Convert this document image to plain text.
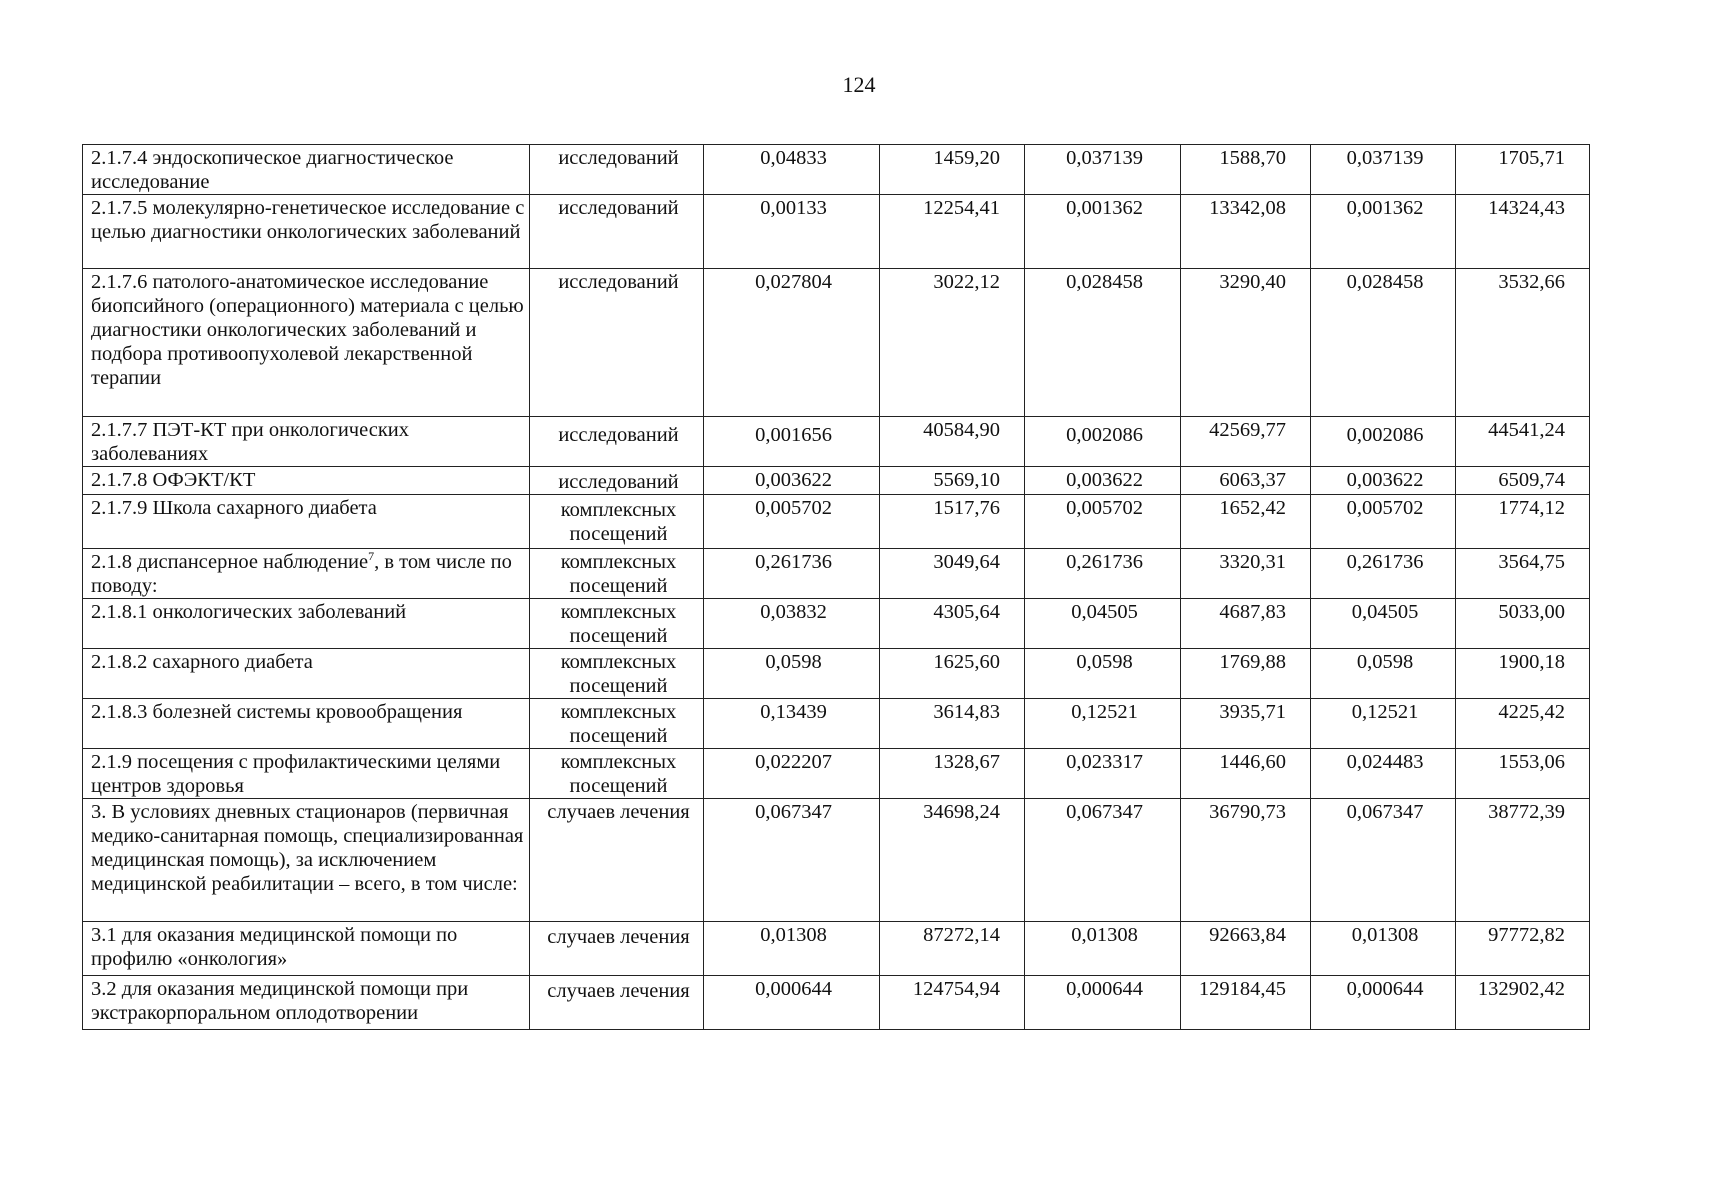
124
2.1.7.4 эндоскопическое диагностическое исследование	исследований	0,04833	1459,20	0,037139	1588,70	0,037139	1705,71
2.1.7.5 молекулярно-генетическое исследование с целью диагностики онкологических заболеваний	исследований	0,00133	12254,41	0,001362	13342,08	0,001362	14324,43
2.1.7.6 патолого-анатомическое исследование биопсийного (операционного) материала с целью диагностики онкологических заболеваний и подбора противоопухолевой лекарственной терапии	исследований	0,027804	3022,12	0,028458	3290,40	0,028458	3532,66
2.1.7.7 ПЭТ-КТ при онкологических заболеваниях	исследований	0,001656	40584,90	0,002086	42569,77	0,002086	44541,24
2.1.7.8 ОФЭКТ/КТ	исследований	0,003622	5569,10	0,003622	6063,37	0,003622	6509,74
2.1.7.9 Школа сахарного диабета	комплексных посещений	0,005702	1517,76	0,005702	1652,42	0,005702	1774,12
2.1.8 диспансерное наблюдение$^7$, в том числе по поводу:	комплексных посещений	0,261736	3049,64	0,261736	3320,31	0,261736	3564,75
2.1.8.1 онкологических заболеваний	комплексных посещений	0,03832	4305,64	0,04505	4687,83	0,04505	5033,00
2.1.8.2 сахарного диабета	комплексных посещений	0,0598	1625,60	0,0598	1769,88	0,0598	1900,18
2.1.8.3 болезней системы кровообращения	комплексных посещений	0,13439	3614,83	0,12521	3935,71	0,12521	4225,42
2.1.9 посещения с профилактическими целями центров здоровья	комплексных посещений	0,022207	1328,67	0,023317	1446,60	0,024483	1553,06
3. В условиях дневных стационаров (первичная медико-санитарная помощь, специализированная медицинская помощь), за исключением медицинской реабилитации – всего, в том числе:	случаев лечения	0,067347	34698,24	0,067347	36790,73	0,067347	38772,39
3.1 для оказания медицинской помощи по профилю «онкология»	случаев лечения	0,01308	87272,14	0,01308	92663,84	0,01308	97772,82
3.2 для оказания медицинской помощи при экстракорпоральном оплодотворении	случаев лечения	0,000644	124754,94	0,000644	129184,45	0,000644	132902,42
